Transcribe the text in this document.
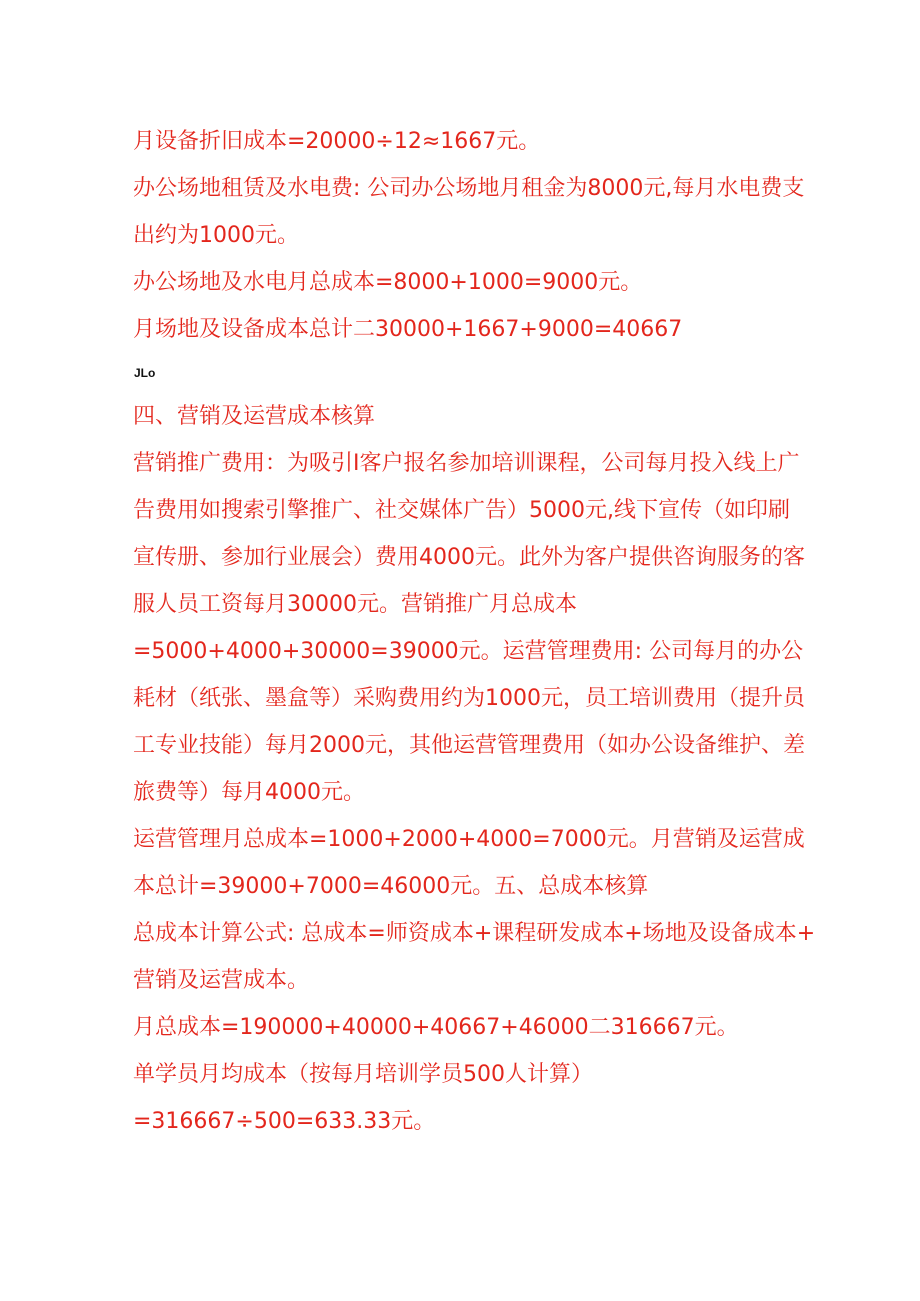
月设备折旧成本=20000÷12≈1667元。
办公场地租赁及水电费: 公司办公场地月租金为8000元,每月水电费支
出约为1000元。
办公场地及水电月总成本=8000+1000=9000元。
月场地及设备成本总计二30000+1667+9000=40667
JLo
四、营销及运营成本核算
营销推广费用：为吸引I客户报名参加培训课程，公司每月投入线上广
告费用如搜索引擎推广、社交媒体广告）5000元,线下宣传（如印刷
宣传册、参加行业展会）费用4000元。此外为客户提供咨询服务的客
服人员工资每月30000元。营销推广月总成本
=5000+4000+30000=39000元。运营管理费用: 公司每月的办公
耗材（纸张、墨盒等）采购费用约为1000元，员工培训费用（提升员
工专业技能）每月2000元，其他运营管理费用（如办公设备维护、差
旅费等）每月4000元。
运营管理月总成本=1000+2000+4000=7000元。月营销及运营成
本总计=39000+7000=46000元。五、总成本核算
总成本计算公式: 总成本=师资成本+课程研发成本+场地及设备成本+
营销及运营成本。
月总成本=190000+40000+40667+46000二316667元。
单学员月均成本（按每月培训学员500人计算）
=316667÷500=633.33元。
